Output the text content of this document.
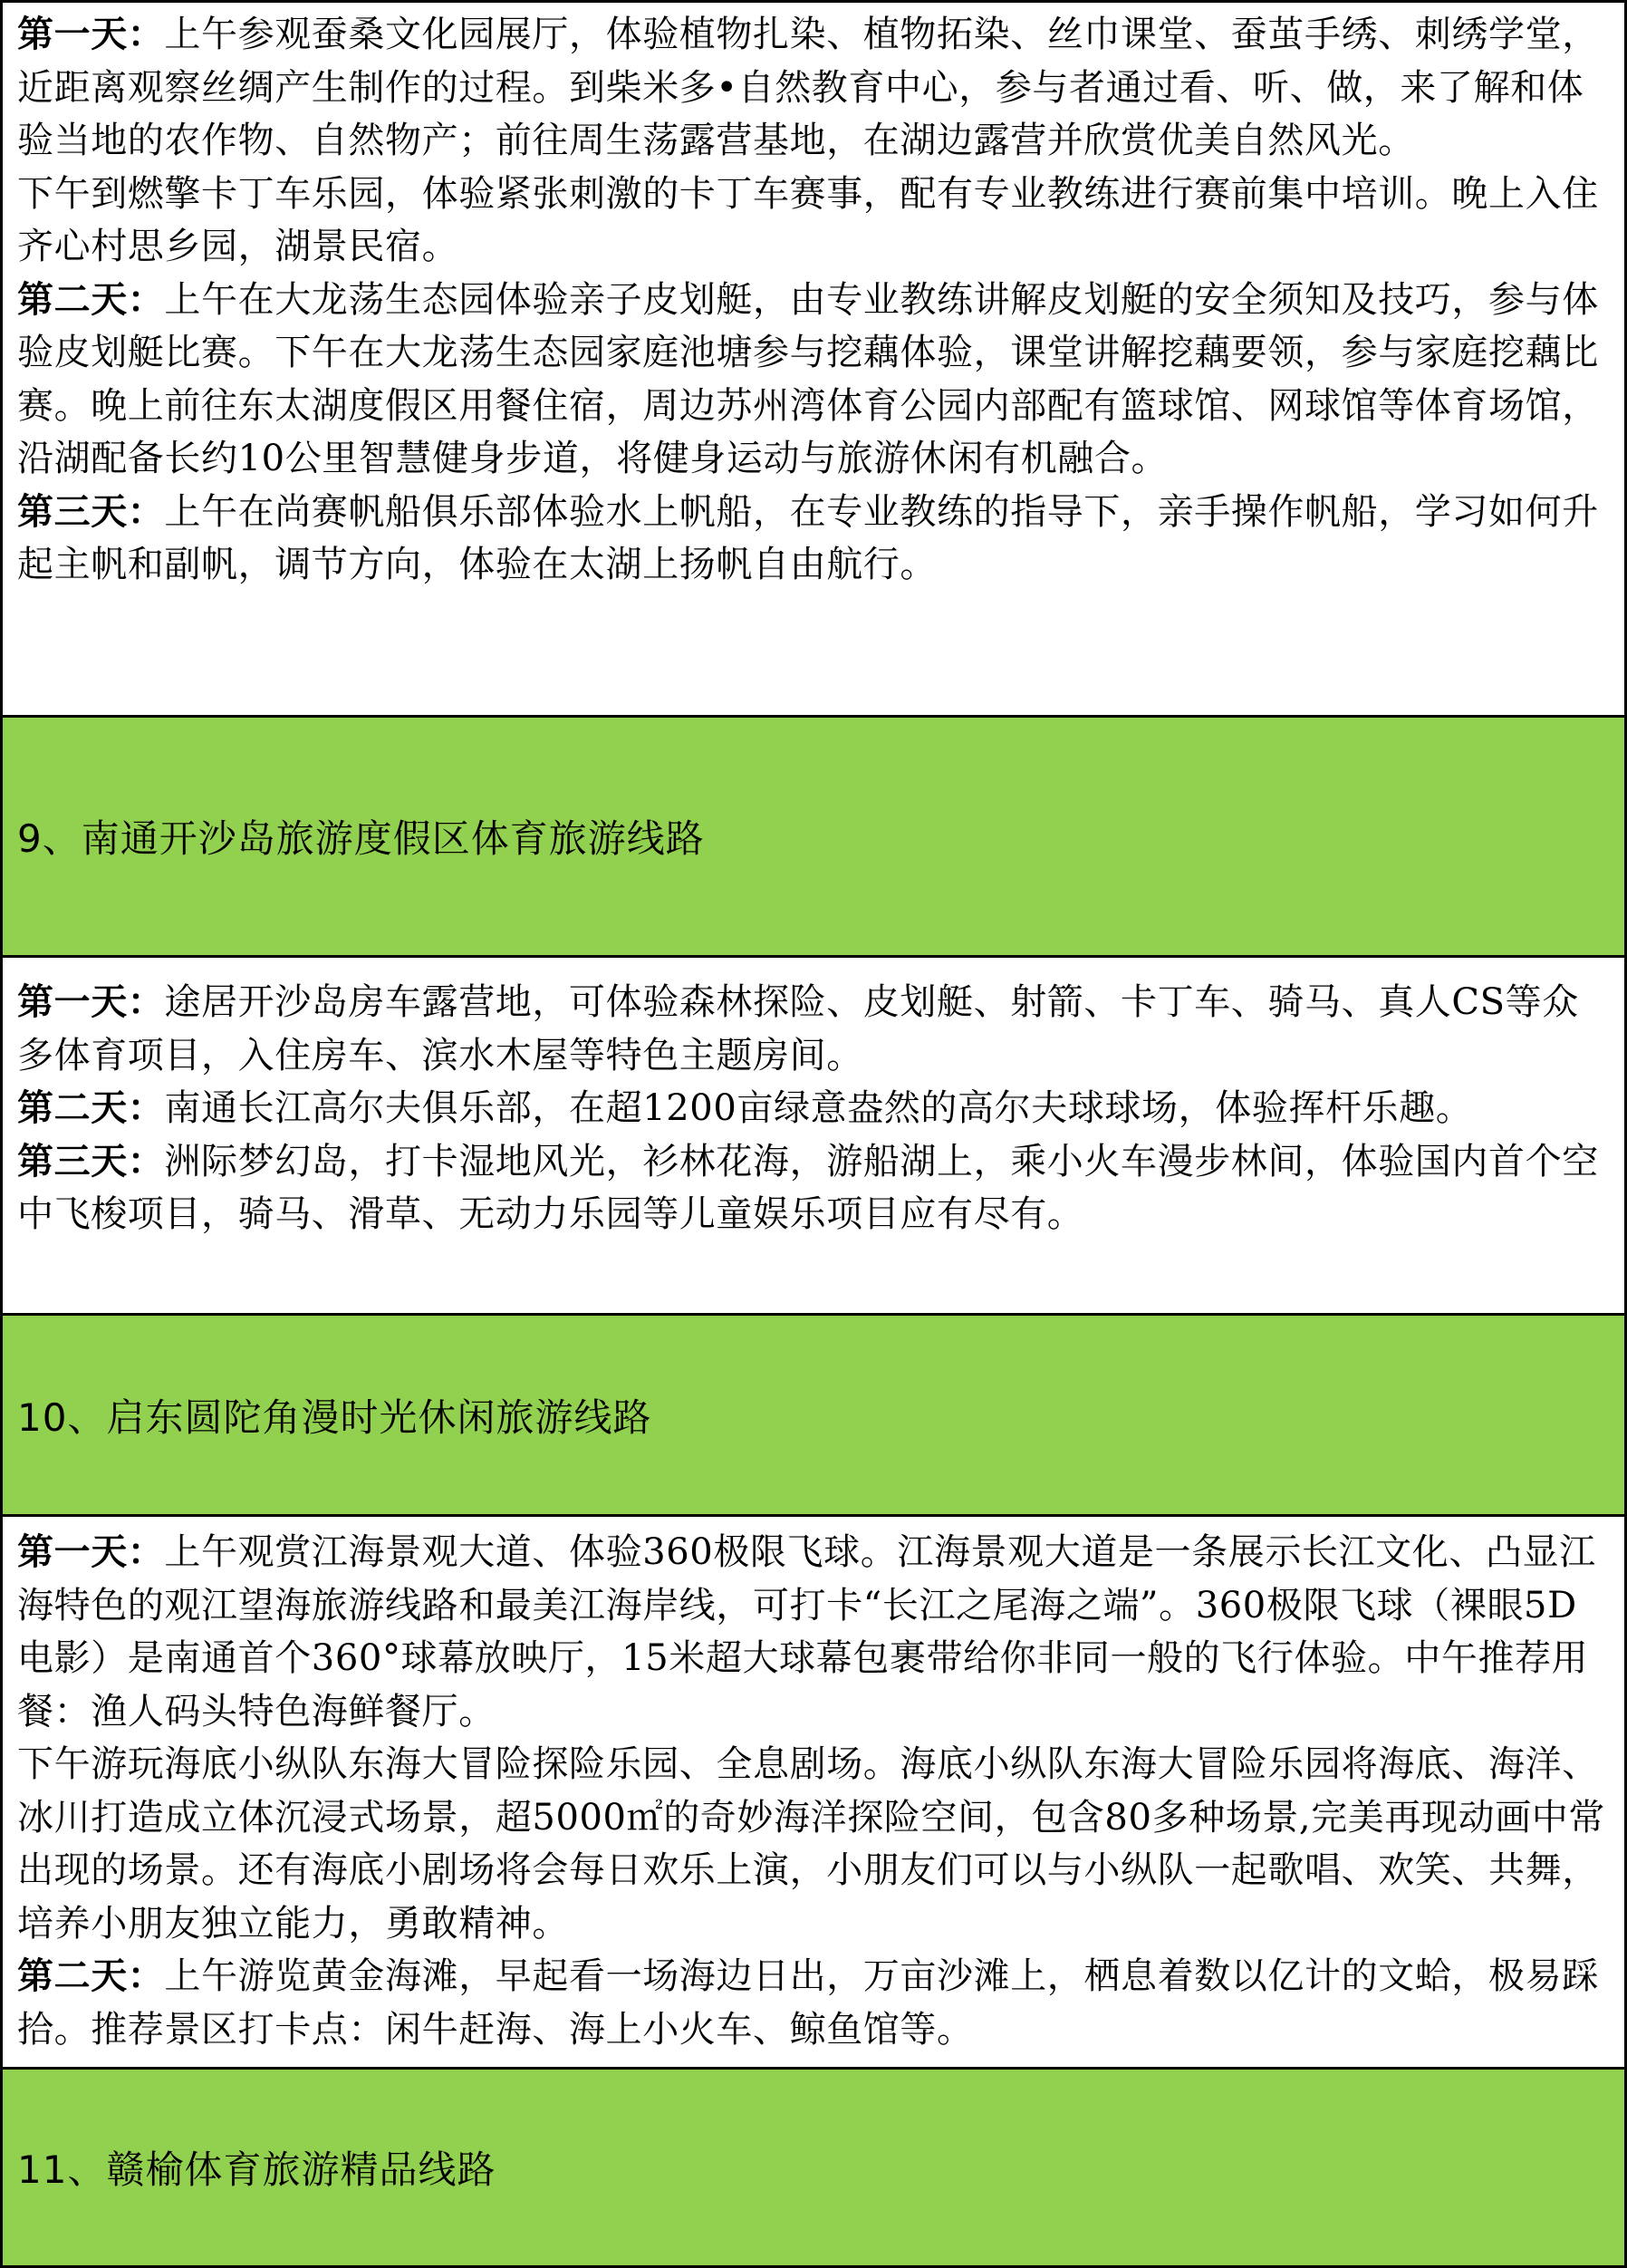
第一天：上午参观蚕桑文化园展厅，体验植物扎染、植物拓染、丝巾课堂、蚕茧手绣、刺绣学堂，近距离观察丝绸产生制作的过程。到柴米多•自然教育中心，参与者通过看、听、做，来了解和体验当地的农作物、自然物产；前往周生荡露营基地，在湖边露营并欣赏优美自然风光。

下午到燃擎卡丁车乐园，体验紧张刺激的卡丁车赛事，配有专业教练进行赛前集中培训。晚上入住齐心村思乡园，湖景民宿。

第二天：上午在大龙荡生态园体验亲子皮划艇，由专业教练讲解皮划艇的安全须知及技巧，参与体验皮划艇比赛。下午在大龙荡生态园家庭池塘参与挖藕体验，课堂讲解挖藕要领，参与家庭挖藕比赛。晚上前往东太湖度假区用餐住宿，周边苏州湾体育公园内部配有篮球馆、网球馆等体育场馆，沿湖配备长约10公里智慧健身步道，将健身运动与旅游休闲有机融合。

第三天：上午在尚赛帆船俱乐部体验水上帆船，在专业教练的指导下，亲手操作帆船，学习如何升起主帆和副帆，调节方向，体验在太湖上扬帆自由航行。

9、南通开沙岛旅游度假区体育旅游线路

第一天：途居开沙岛房车露营地，可体验森林探险、皮划艇、射箭、卡丁车、骑马、真人CS等众多体育项目，入住房车、滨水木屋等特色主题房间。

第二天：南通长江高尔夫俱乐部，在超1200亩绿意盎然的高尔夫球球场，体验挥杆乐趣。

第三天：洲际梦幻岛，打卡湿地风光，衫林花海，游船湖上，乘小火车漫步林间，体验国内首个空中飞梭项目，骑马、滑草、无动力乐园等儿童娱乐项目应有尽有。

10、启东圆陀角漫时光休闲旅游线路

第一天：上午观赏江海景观大道、体验360极限飞球。江海景观大道是一条展示长江文化、凸显江海特色的观江望海旅游线路和最美江海岸线，可打卡“长江之尾海之端”。360极限飞球（裸眼5D电影）是南通首个360°球幕放映厅，15米超大球幕包裹带给你非同一般的飞行体验。中午推荐用餐：渔人码头特色海鲜餐厅。

下午游玩海底小纵队东海大冒险探险乐园、全息剧场。海底小纵队东海大冒险乐园将海底、海洋、冰川打造成立体沉浸式场景，超5000㎡的奇妙海洋探险空间，包含80多种场景,完美再现动画中常出现的场景。还有海底小剧场将会每日欢乐上演，小朋友们可以与小纵队一起歌唱、欢笑、共舞，培养小朋友独立能力，勇敢精神。

第二天：上午游览黄金海滩，早起看一场海边日出，万亩沙滩上，栖息着数以亿计的文蛤，极易踩拾。推荐景区打卡点：闲牛赶海、海上小火车、鲸鱼馆等。

11、赣榆体育旅游精品线路
